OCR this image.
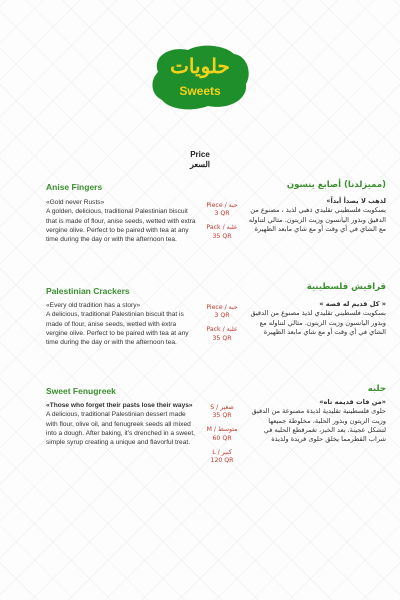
حلويات
Sweets
Price
السعر
Anise Fingers	(مميزلدنا) أصابع ينسون
«Gold never Rusts»
A golden, delicious, traditional Palestinian biscuit that is made of flour, anise seeds, wetted with extra vergine olive. Perfect to be paired with tea at any time during the day or with the afternoon tea.
Piece / حبة
3 QR
Pack / علبة
35 QR
لذهب لا يصدأ أبداً»
بسكويت فلسطيني تقليدي ذهبي لذيذ ، مصنوع من الدقيق وبذور اليانسون وزيت الزيتون. مثالي لتناوله مع الشاي في أي وقت أو مع شاي مابعد الظهيرة
Palestinian Crackers	قراقيش فلسطينية
«Every old tradition has a story»
A delicious, traditional Palestinian biscuit that is made of flour, anise seeds, wetted with extra vergine olive. Perfect to be paired with tea at any time during the day or with the afternoon tea.
Piece / حبة
3 QR
Pack / علبة
35 QR
« كل قديم له قصه »
بسكويت فلسطيني تقليدي لذيذ مصنوع من الدقيق وبذور اليانسون وزيت الزيتون. مثالي لتناوله مع الشاي في أي وقت أو مع شاي مابعد الظهيرة
Sweet Fenugreek	حلبه
«Those who forget their pasts lose their ways»
A delicious, traditional Palestinian dessert made with flour, olive oil, and fenugreek seeds all mixed into a dough. After baking, it's drenched in a sweet, simple syrup creating a unique and flavorful treat.
S / صغير
35 QR
M / متوسط
60 QR
L / كبير
120 QR
«من فات قديمه تاه»
حلوى فلسطينية تقليدية لذيذة مصنوعة من الدقيق وزيت الزيتون وبذور الحلبة، مخلوطة جميعها لتشكل عجينة. بعد الخبز، تغمرقطع الحلبه في شراب القطرمما يخلق حلوى فريدة ولذيذة
